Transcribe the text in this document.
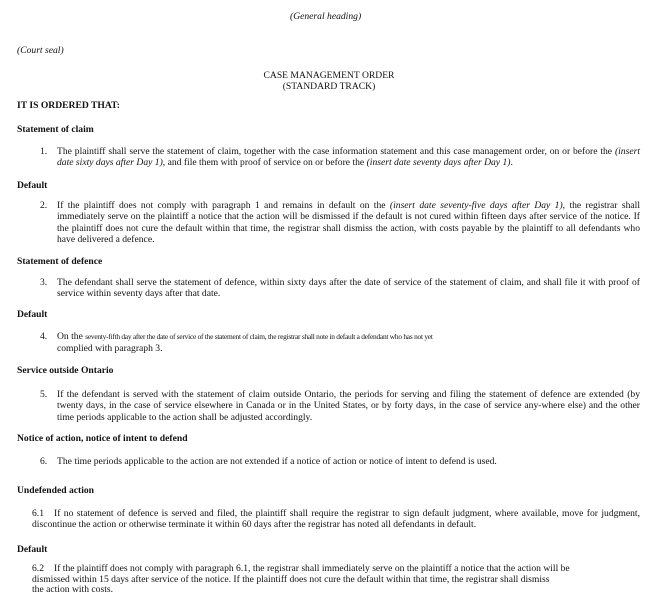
(General heading)
(Court seal)
CASE MANAGEMENT ORDER
(STANDARD TRACK)
IT IS ORDERED THAT:
Statement of claim
1. The plaintiff shall serve the statement of claim, together with the case information statement and this case management order, on or before the (insert date sixty days after Day 1), and file them with proof of service on or before the (insert date seventy days after Day 1).
Default
2. If the plaintiff does not comply with paragraph 1 and remains in default on the (insert date seventy-five days after Day 1), the registrar shall immediately serve on the plaintiff a notice that the action will be dismissed if the default is not cured within fifteen days after service of the notice. If the plaintiff does not cure the default within that time, the registrar shall dismiss the action, with costs payable by the plaintiff to all defendants who have delivered a defence.
Statement of defence
3. The defendant shall serve the statement of defence, within sixty days after the date of service of the statement of claim, and shall file it with proof of service within seventy days after that date.
Default
4. On the seventy-fifth day after the date of service of the statement of claim, the registrar shall note in default a defendant who has not yet
complied with paragraph 3.
Service outside Ontario
5. If the defendant is served with the statement of claim outside Ontario, the periods for serving and filing the statement of defence are extended (by twenty days, in the case of service elsewhere in Canada or in the United States, or by forty days, in the case of service any-where else) and the other time periods applicable to the action shall be adjusted accordingly.
Notice of action, notice of intent to defend
6. The time periods applicable to the action are not extended if a notice of action or notice of intent to defend is used.
Undefended action
6.1	If no statement of defence is served and filed, the plaintiff shall require the registrar to sign default judgment, where available, move for judgment, discontinue the action or otherwise terminate it within 60 days after the registrar has noted all defendants in default.
Default
6.2 If the plaintiff does not comply with paragraph 6.1, the registrar shall immediately serve on the plaintiff a notice that the action will be
dismissed within 15 days after service of the notice. If the plaintiff does not cure the default within that time, the registrar shall dismiss
the action with costs.
